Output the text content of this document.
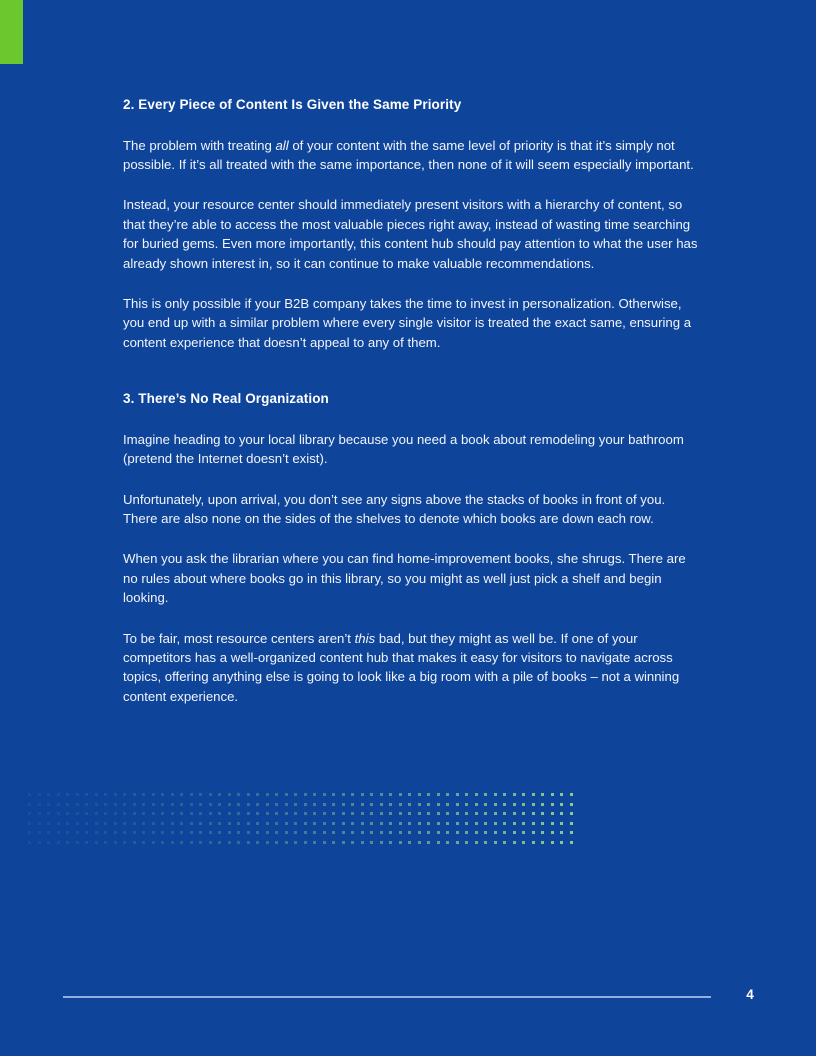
2. Every Piece of Content Is Given the Same Priority

The problem with treating all of your content with the same level of priority is that it’s simply not possible. If it’s all treated with the same importance, then none of it will seem especially important.

Instead, your resource center should immediately present visitors with a hierarchy of content, so that they’re able to access the most valuable pieces right away, instead of wasting time searching for buried gems. Even more importantly, this content hub should pay attention to what the user has already shown interest in, so it can continue to make valuable recommendations.

This is only possible if your B2B company takes the time to invest in personalization. Otherwise, you end up with a similar problem where every single visitor is treated the exact same, ensuring a content experience that doesn’t appeal to any of them.

3. There’s No Real Organization

Imagine heading to your local library because you need a book about remodeling your bathroom (pretend the Internet doesn’t exist).

Unfortunately, upon arrival, you don’t see any signs above the stacks of books in front of you. There are also none on the sides of the shelves to denote which books are down each row.

When you ask the librarian where you can find home-improvement books, she shrugs. There are no rules about where books go in this library, so you might as well just pick a shelf and begin looking.

To be fair, most resource centers aren’t this bad, but they might as well be. If one of your competitors has a well-organized content hub that makes it easy for visitors to navigate across topics, offering anything else is going to look like a big room with a pile of books – not a winning content experience.

4
